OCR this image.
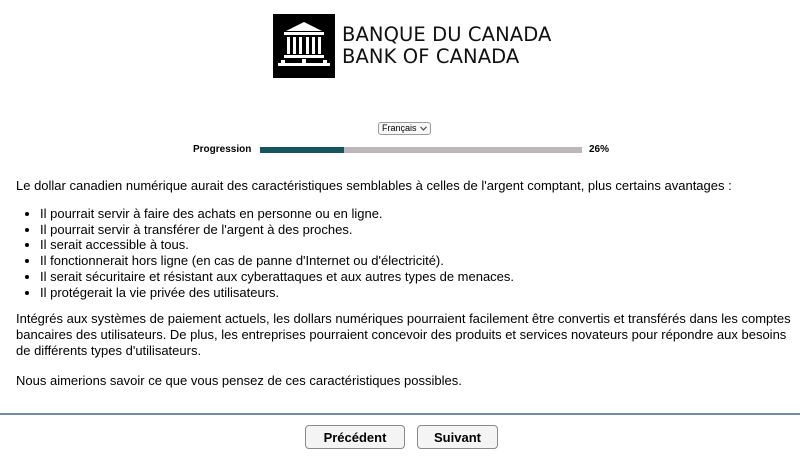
BANQUE DU CANADA
BANK OF CANADA
Français
Progression	26%

Le dollar canadien numérique aurait des caractéristiques semblables à celles de l'argent comptant, plus certains avantages :

• Il pourrait servir à faire des achats en personne ou en ligne.
• Il pourrait servir à transférer de l'argent à des proches.
• Il serait accessible à tous.
• Il fonctionnerait hors ligne (en cas de panne d'Internet ou d'électricité).
• Il serait sécuritaire et résistant aux cyberattaques et aux autres types de menaces.
• Il protégerait la vie privée des utilisateurs.

Intégrés aux systèmes de paiement actuels, les dollars numériques pourraient facilement être convertis et transférés dans les comptes bancaires des utilisateurs. De plus, les entreprises pourraient concevoir des produits et services novateurs pour répondre aux besoins de différents types d'utilisateurs.

Nous aimerions savoir ce que vous pensez de ces caractéristiques possibles.

Précédent	Suivant
